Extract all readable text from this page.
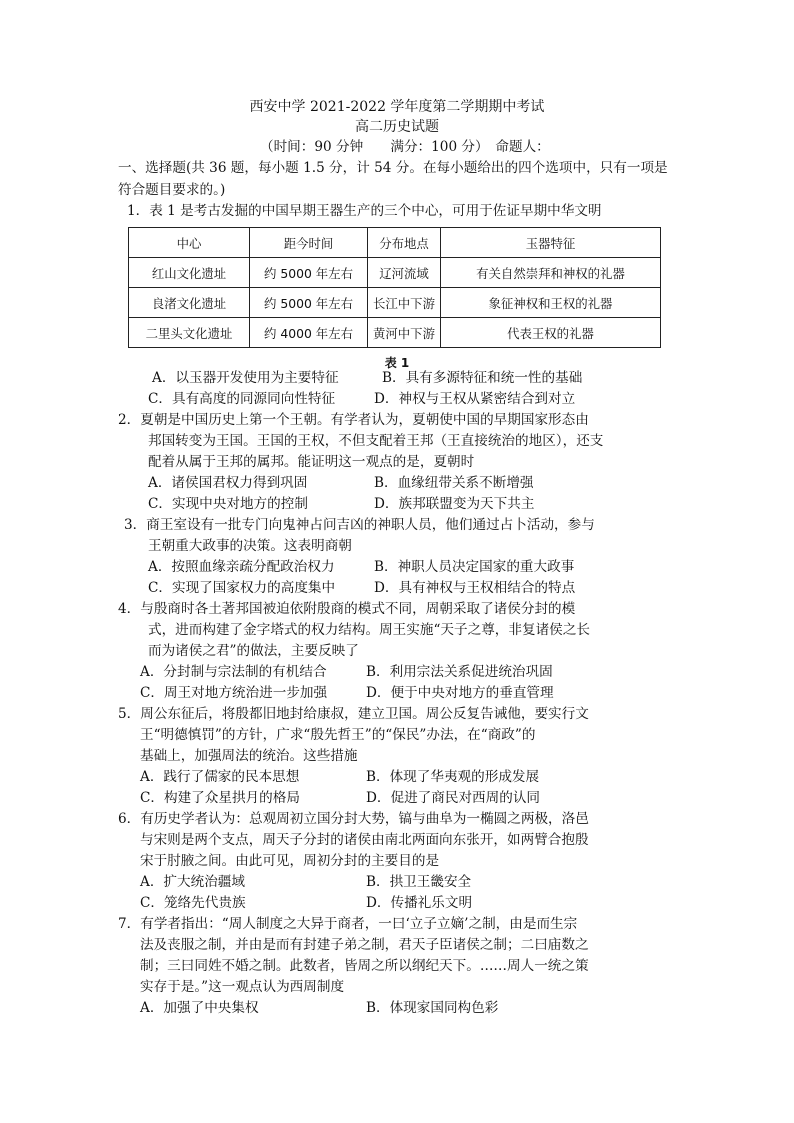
西安中学 2021-2022 学年度第二学期期中考试
高二历史试题
（时间：90 分钟　　满分：100 分）　命题人：
一、选择题(共 36 题，每小题 1.5 分，计 54 分。在每小题给出的四个选项中，只有一项是
符合题目要求的。)
1．表 1 是考古发掘的中国早期王器生产的三个中心，可用于佐证早期中华文明
中心	距今时间	分布地点	玉器特征
红山文化遗址	约 5000 年左右	辽河流域	有关自然崇拜和神权的礼器
良渚文化遗址	约 5000 年左右	长江中下游	象征神权和王权的礼器
二里头文化遗址	约 4000 年左右	黄河中下游	代表王权的礼器
表 1
A．以玉器开发使用为主要特征	B．具有多源特征和统一性的基础
C．具有高度的同源同向性特征	D．神权与王权从紧密结合到对立
2．夏朝是中国历史上第一个王朝。有学者认为，夏朝使中国的早期国家形态由
邦国转变为王国。王国的王权，不但支配着王邦（王直接统治的地区），还支
配着从属于王邦的属邦。能证明这一观点的是，夏朝时
A．诸侯国君权力得到巩固	B．血缘纽带关系不断增强
C．实现中央对地方的控制	D．族邦联盟变为天下共主
3．商王室设有一批专门向鬼神占问吉凶的神职人员，他们通过占卜活动，参与
王朝重大政事的决策。这表明商朝
A．按照血缘亲疏分配政治权力	B．神职人员决定国家的重大政事
C．实现了国家权力的高度集中	D．具有神权与王权相结合的特点
4．与殷商时各土著邦国被迫依附殷商的模式不同，周朝采取了诸侯分封的模
式，进而构建了金字塔式的权力结构。周王实施“天子之尊，非复诸侯之长
而为诸侯之君”的做法，主要反映了
A．分封制与宗法制的有机结合	B．利用宗法关系促进统治巩固
C．周王对地方统治进一步加强	D．便于中央对地方的垂直管理
5．周公东征后，将殷都旧地封给康叔，建立卫国。周公反复告诫他，要实行文
王“明德慎罚”的方针，广求“殷先哲王”的“保民”办法，在“商政”的
基础上，加强周法的统治。这些措施
A．践行了儒家的民本思想	B．体现了华夷观的形成发展
C．构建了众星拱月的格局	D．促进了商民对西周的认同
6．有历史学者认为：总观周初立国分封大势，镐与曲阜为一椭圆之两极，洛邑
与宋则是两个支点，周天子分封的诸侯由南北两面向东张开，如两臂合抱殷
宋于肘腋之间。由此可见，周初分封的主要目的是
A．扩大统治疆域	B．拱卫王畿安全
C．笼络先代贵族	D．传播礼乐文明
7．有学者指出：“周人制度之大异于商者，一曰‘立子立嫡’之制，由是而生宗
法及丧服之制，并由是而有封建子弟之制，君天子臣诸侯之制；二曰庙数之
制；三曰同姓不婚之制。此数者，皆周之所以纲纪天下。……周人一统之策
实存于是。”这一观点认为西周制度
A．加强了中央集权	B．体现家国同构色彩
